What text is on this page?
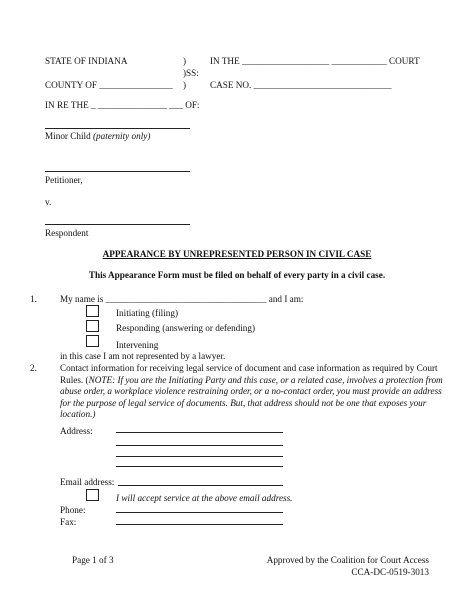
STATE OF INDIANA	)
)SS:
)
COUNTY OF ________________
IN THE ___________________ ____________ COURT
CASE NO. ______________________________
IN RE THE _ _______________ ___ OF:
Minor Child (paternity only)
Petitioner,
v.
Respondent
APPEARANCE BY UNREPRESENTED PERSON IN CIVIL CASE
This Appearance Form must be filed on behalf of every party in a civil case.
1.	My name is ___________________________________ and I am:
Initiating (filing)
Responding (answering or defending)
Intervening
in this case I am not represented by a lawyer.
2.	Contact information for receiving legal service of document and case information as required by Court Rules. (NOTE: If you are the Initiating Party and this case, or a related case, involves a protection from abuse order, a workplace violence restraining order, or a no-contact order, you must provide an address for the purpose of legal service of documents. But, that address should not be one that exposes your location.)
Address:
Email address:
I will accept service at the above email address.
Phone:
Fax:
Page 1 of 3	Approved by the Coalition for Court Access
CCA-DC-0519-3013
